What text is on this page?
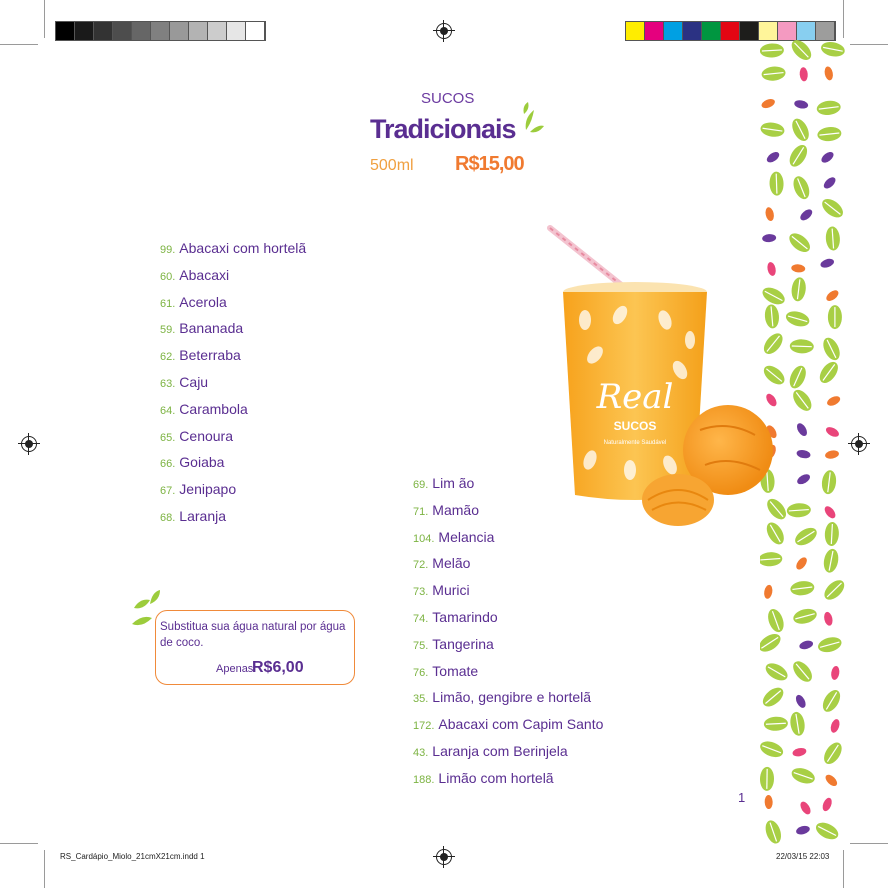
SUCOS
Tradicionais
500ml R$15,00
99. Abacaxi com hortelã
60. Abacaxi
61. Acerola
59. Bananada
62. Beterraba
63. Caju
64. Carambola
65. Cenoura
66. Goiaba
67. Jenipapo
68. Laranja
69. Lim ão
71. Mamão
104. Melancia
72. Melão
73. Murici
74. Tamarindo
75. Tangerina
76. Tomate
35. Limão, gengibre e hortelã
172. Abacaxi com Capim Santo
43. Laranja com Berinjela
188. Limão com hortelã
Real
SUCOS
Naturalmente Saudável
Substitua sua água natural por água de coco.
Apenas
R$6,00
1
RS_Cardápio_Miolo_21cmX21cm.indd 1	22/03/15 22:03
